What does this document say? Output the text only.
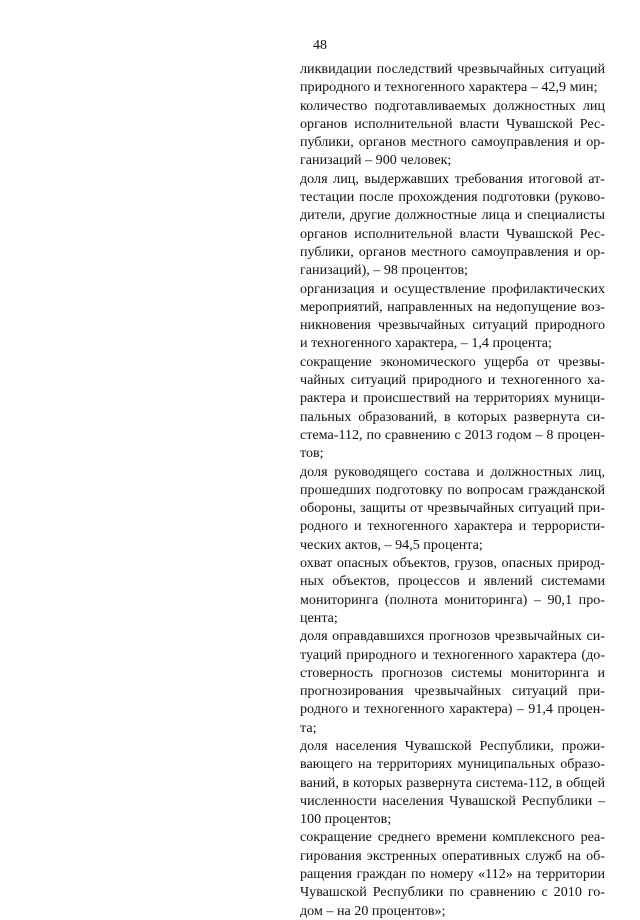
48

ликвидации последствий чрезвычайных ситуаций природного и техногенного характера – 42,9 мин;

количество подготавливаемых должностных лиц органов исполнительной власти Чувашской Рес-публики, органов местного самоуправления и ор-ганизаций – 900 человек;

доля лиц, выдержавших требования итоговой ат-тестации после прохождения подготовки (руково-дители, другие должностные лица и специалисты органов исполнительной власти Чувашской Рес-публики, органов местного самоуправления и ор-ганизаций), – 98 процентов;

организация и осуществление профилактических мероприятий, направленных на недопущение воз-никновения чрезвычайных ситуаций природного и техногенного характера, – 1,4 процента;

сокращение экономического ущерба от чрезвы-чайных ситуаций природного и техногенного ха-рактера и происшествий на территориях муници-пальных образований, в которых развернута си-стема-112, по сравнению с 2013 годом – 8 процен-тов;

доля руководящего состава и должностных лиц, прошедших подготовку по вопросам гражданской обороны, защиты от чрезвычайных ситуаций при-родного и техногенного характера и террористи-ческих актов, – 94,5 процента;

охват опасных объектов, грузов, опасных природ-ных объектов, процессов и явлений системами мониторинга (полнота мониторинга) – 90,1 про-цента;

доля оправдавшихся прогнозов чрезвычайных си-туаций природного и техногенного характера (до-стоверность прогнозов системы мониторинга и прогнозирования чрезвычайных ситуаций при-родного и техногенного характера) – 91,4 процен-та;

доля населения Чувашской Республики, прожи-вающего на территориях муниципальных образо-ваний, в которых развернута система-112, в общей численности населения Чувашской Республики – 100 процентов;

сокращение среднего времени комплексного реа-гирования экстренных оперативных служб на об-ращения граждан по номеру «112» на территории Чувашской Республики по сравнению с 2010 го-дом – на 20 процентов»;
